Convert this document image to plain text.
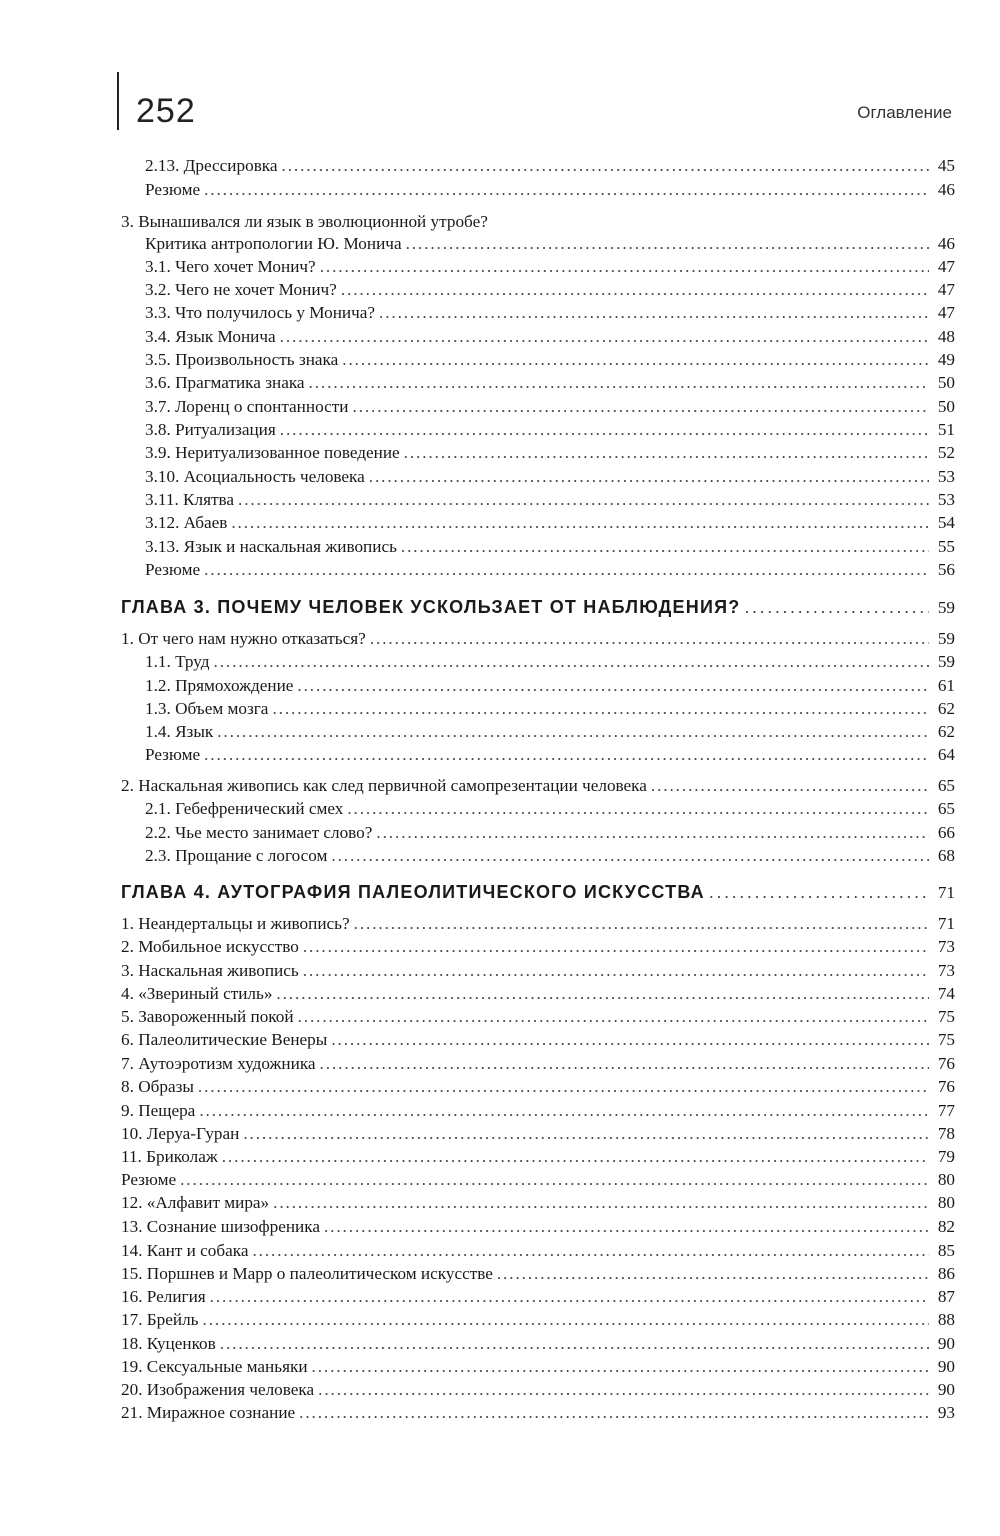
252	Оглавление
2.13. Дрессировка . . .	45
Резюме . . .	46
3. Вынашивался ли язык в эволюционной утробе?
Критика антропологии Ю. Монича . . .	46
3.1. Чего хочет Монич? . . .	47
3.2. Чего не хочет Монич? . . .	47
3.3. Что получилось у Монича? . . .	47
3.4. Язык Монича . . .	48
3.5. Произвольность знака . . .	49
3.6. Прагматика знака . . .	50
3.7. Лоренц о спонтанности . . .	50
3.8. Ритуализация . . .	51
3.9. Неритуализованное поведение . . .	52
3.10. Асоциальность человека . . .	53
3.11. Клятва . . .	53
3.12. Абаев . . .	54
3.13. Язык и наскальная живопись . . .	55
Резюме . . .	56
ГЛАВА 3. ПОЧЕМУ ЧЕЛОВЕК УСКОЛЬЗАЕТ ОТ НАБЛЮДЕНИЯ? . . .	59
1. От чего нам нужно отказаться? . . .	59
1.1. Труд . . .	59
1.2. Прямохождение . . .	61
1.3. Объем мозга . . .	62
1.4. Язык . . .	62
Резюме . . .	64
2. Наскальная живопись как след первичной самопрезентации человека . . .	65
2.1. Гебефренический смех . . .	65
2.2. Чье место занимает слово? . . .	66
2.3. Прощание с логосом . . .	68
ГЛАВА 4. АУТОГРАФИЯ ПАЛЕОЛИТИЧЕСКОГО ИСКУССТВА . . .	71
1. Неандертальцы и живопись? . . .	71
2. Мобильное искусство . . .	73
3. Наскальная живопись . . .	73
4. «Звериный стиль» . . .	74
5. Завороженный покой . . .	75
6. Палеолитические Венеры . . .	75
7. Аутоэротизм художника . . .	76
8. Образы . . .	76
9. Пещера . . .	77
10. Леруа-Гуран . . .	78
11. Бриколаж . . .	79
Резюме . . .	80
12. «Алфавит мира» . . .	80
13. Сознание шизофреника . . .	82
14. Кант и собака . . .	85
15. Поршнев и Марр о палеолитическом искусстве . . .	86
16. Религия . . .	87
17. Брейль . . .	88
18. Куценков . . .	90
19. Сексуальные маньяки . . .	90
20. Изображения человека . . .	90
21. Миражное сознание . . .	93
